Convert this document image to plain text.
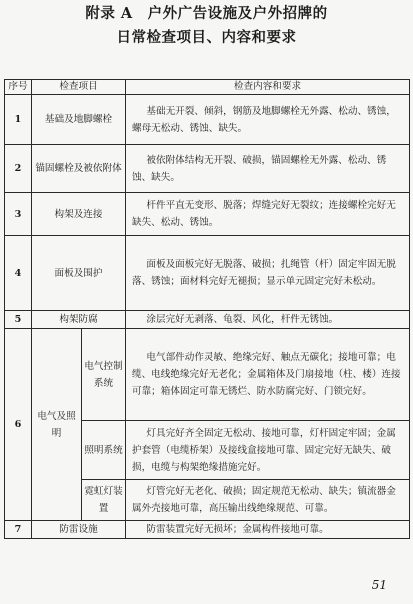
附录 A　户外广告设施及户外招牌的
日常检查项目、内容和要求
序号	检查项目		检查内容和要求
1	基础及地脚螺栓		基础无开裂、倾斜，钢筋及地脚螺栓无外露、松动、锈蚀，螺母无松动、锈蚀、缺失。
2	锚固螺栓及被依附体		被依附体结构无开裂、破损，锚固螺栓无外露、松动、锈蚀、缺失。
3	构架及连接		杆件平直无变形、脱落；焊缝完好无裂纹；连接螺栓完好无缺失、松动、锈蚀。
4	面板及围护		面板及面板完好无脱落、破损；扎绳管（杆）固定牢固无脱落、锈蚀；面材料完好无褪损；显示单元固定完好未松动。
5	构架防腐		涂层完好无剥落、龟裂、风化，杆件无锈蚀。
6	电气及照明	电气控制系统	电气部件动作灵敏、绝缘完好、触点无碳化；接地可靠；电缆、电线绝缘完好无老化；金属箱体及门扇接地（柱、楼）连接可靠；箱体固定可靠无锈烂、防水防腐完好、门锁完好。
		照明系统	灯具完好齐全固定无松动、接地可靠，灯杆固定牢固；金属护套管（电缆桥架）及接线盒接地可靠、固定完好无缺失、破损，电缆与构架绝缘措施完好。
		霓虹灯装置	灯管完好无老化、破损；固定规范无松动、缺失；镇流器金属外壳接地可靠，高压输出线绝缘规范、可靠。
7	防雷设施		防雷装置完好无损坏；金属构件接地可靠。
51
